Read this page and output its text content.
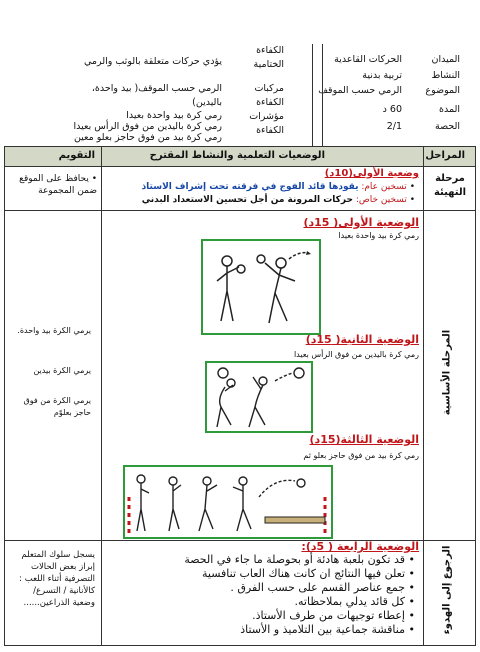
الميدان
الحركات القاعدية
النشاط
تربية بدنية
الموضوع
الرمي حسب الموقف
المدة
60 د
الحصة
2/1
الكفاءة الختامية
يؤدي حركات متعلقة بالوثب والرمي
مركبات الكفاءة
الرمي حسب الموقف( بيد واحدة، باليدين)
مؤشرات الكفاءة
رمي كرة بيد واحدة بعيدا
رمي كرة باليدين من فوق الرأس بعيدا
رمي كرة بيد من فوق حاجز بعلو معين
المراحل
الوضعيات التعلمية والنشاط المقترح
التقويم
مرحلة التهيئة
وضعية الأولى(10د)
• تسخين عام: يقودها قائد الفوج في فرقته تحت إشراف الاستاذ
• تسخين خاص: حركات المرونة من أجل تحسين الاستعداد البدني
• يحافظ على الموقع ضمن المجموعة
المرحلة الأساسية
الوضعية الأولى( 15د)
رمي كرة بيد واحدة بعيدا
الوضعية الثانية( 15د)
رمي كرة باليدين من فوق الرأس بعيدا
الوضعية الثالثة(15د)
رمي كرة بيد من فوق حاجز بعلو ثم
يرمي الكرة بيد واحدة.
يرمي الكرة بيدين
يرمي الكرة من فوق حاجز بعلوّم
الرجوع إلى الهدوء
الوضعية الرابعة ( 5د):
• قد تكون بلعبة هادئة أو بحوصلة ما جاء في الحصة
• تعلن فيها النتائج ان كانت هناك العاب تنافسية
• جمع عناصر القسم على حسب الفرق .
• كل قائد يدلي بملاحظاته.
• إعطاء توجيهات من طرف الأستاذ.
• مناقشة جماعية بين التلاميذ و الأستاذ
يسجل سلوك المتعلم إبراز بعض الحالات التصرفية أثناء اللعب : كالأنانية / التسرع/ وضعية الذراعين......
